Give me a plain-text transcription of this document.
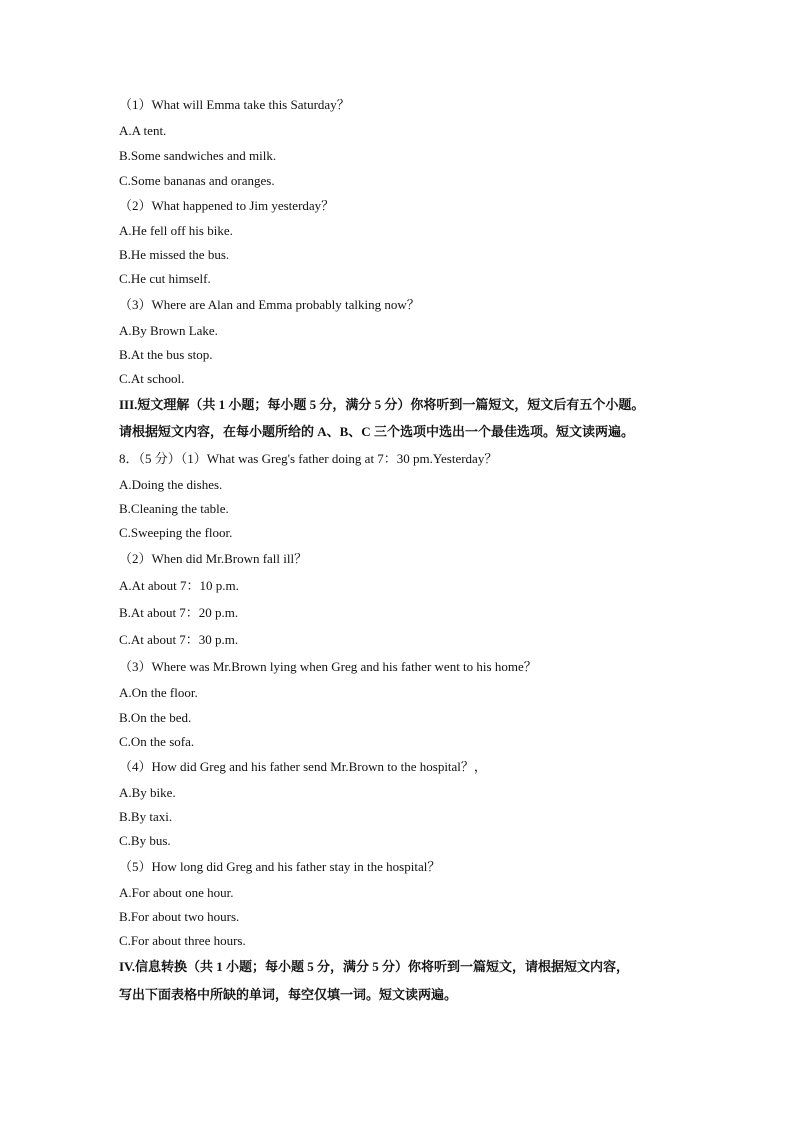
（1）What will Emma take this Saturday？
A.A tent.
B.Some sandwiches and milk.
C.Some bananas and oranges.
（2）What happened to Jim yesterday？
A.He fell off his bike.
B.He missed the bus.
C.He cut himself.
（3）Where are Alan and Emma probably talking now？
A.By Brown Lake.
B.At the bus stop.
C.At school.
III.短文理解（共 1 小题；每小题 5 分，满分 5 分）你将听到一篇短文，短文后有五个小题。
请根据短文内容，在每小题所给的 A、B、C 三个选项中选出一个最佳选项。短文读两遍。
8．（5 分）（1）What was Greg's father doing at 7：30 pm.Yesterday？
A.Doing the dishes.
B.Cleaning the table.
C.Sweeping the floor.
（2）When did Mr.Brown fall ill？
A.At about 7：10 p.m.
B.At about 7：20 p.m.
C.At about 7：30 p.m.
（3）Where was Mr.Brown lying when Greg and his father went to his home？
A.On the floor.
B.On the bed.
C.On the sofa.
（4）How did Greg and his father send Mr.Brown to the hospital？，
A.By bike.
B.By taxi.
C.By bus.
（5）How long did Greg and his father stay in the hospital？
A.For about one hour.
B.For about two hours.
C.For about three hours.
IV.信息转换（共 1 小题；每小题 5 分，满分 5 分）你将听到一篇短文，请根据短文内容，
写出下面表格中所缺的单词，每空仅填一词。短文读两遍。
